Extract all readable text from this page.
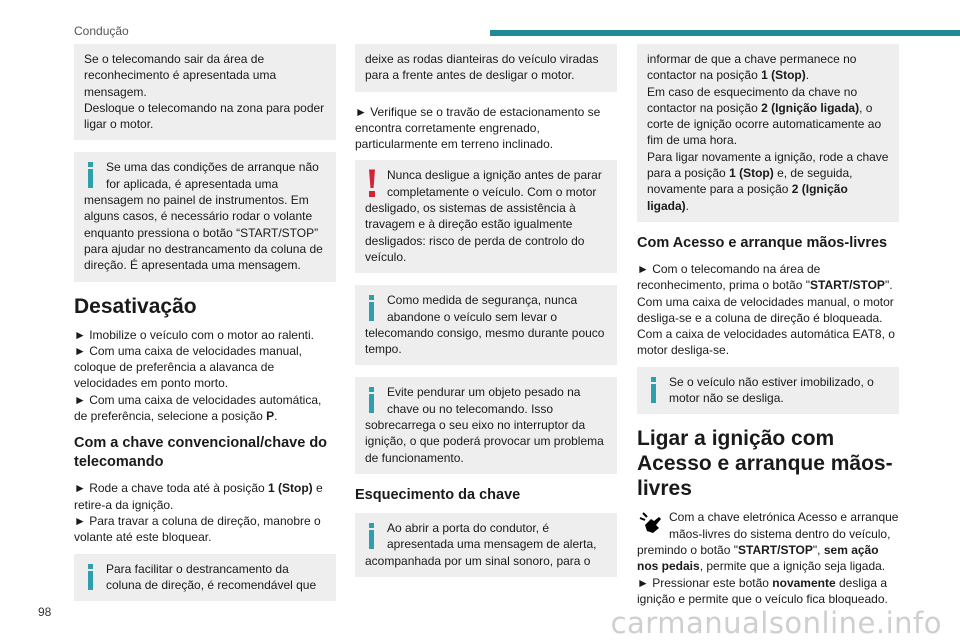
Condução
Se o telecomando sair da área de reconhecimento é apresentada uma mensagem.
Desloque o telecomando na zona para poder ligar o motor.
Se uma das condições de arranque não for aplicada, é apresentada uma mensagem no painel de instrumentos. Em alguns casos, é necessário rodar o volante enquanto pressiona o botão “START/STOP” para ajudar no destrancamento da coluna de direção. É apresentada uma mensagem.
Desativação

► Imobilize o veículo com o motor ao ralenti.
► Com uma caixa de velocidades manual, coloque de preferência a alavanca de velocidades em ponto morto.
► Com uma caixa de velocidades automática, de preferência, selecione a posição P.

Com a chave convencional/chave do telecomando

► Rode a chave toda até à posição 1 (Stop) e retire-a da ignição.
► Para travar a coluna de direção, manobre o volante até este bloquear.

Para facilitar o destrancamento da coluna de direção, é recomendável que
deixe as rodas dianteiras do veículo viradas para a frente antes de desligar o motor.

► Verifique se o travão de estacionamento se encontra corretamente engrenado, particularmente em terreno inclinado.

Nunca desligue a ignição antes de parar completamente o veículo. Com o motor desligado, os sistemas de assistência à travagem e à direção estão igualmente desligados: risco de perda de controlo do veículo.
Como medida de segurança, nunca abandone o veículo sem levar o telecomando consigo, mesmo durante pouco tempo.
Evite pendurar um objeto pesado na chave ou no telecomando. Isso sobrecarrega o seu eixo no interruptor da ignição, o que poderá provocar um problema de funcionamento.
Esquecimento da chave
Ao abrir a porta do condutor, é apresentada uma mensagem de alerta, acompanhada por um sinal sonoro, para o
informar de que a chave permanece no contactor na posição 1 (Stop).
Em caso de esquecimento da chave no contactor na posição 2 (Ignição ligada), o corte de ignição ocorre automaticamente ao fim de uma hora.
Para ligar novamente a ignição, rode a chave para a posição 1 (Stop) e, de seguida, novamente para a posição 2 (Ignição ligada).
Com Acesso e arranque mãos-livres

► Com o telecomando na área de reconhecimento, prima o botão "START/STOP". Com uma caixa de velocidades manual, o motor desliga-se e a coluna de direção é bloqueada. Com a caixa de velocidades automática EAT8, o motor desliga-se.

Se o veículo não estiver imobilizado, o motor não se desliga.
Ligar a ignição com Acesso e arranque mãos-livres

Com a chave eletrónica Acesso e arranque mãos-livres do sistema dentro do veículo, premindo o botão "START/STOP", sem ação nos pedais, permite que a ignição seja ligada.
► Pressionar este botão novamente desliga a ignição e permite que o veículo fica bloqueado.

98	carmanualsonline.info
